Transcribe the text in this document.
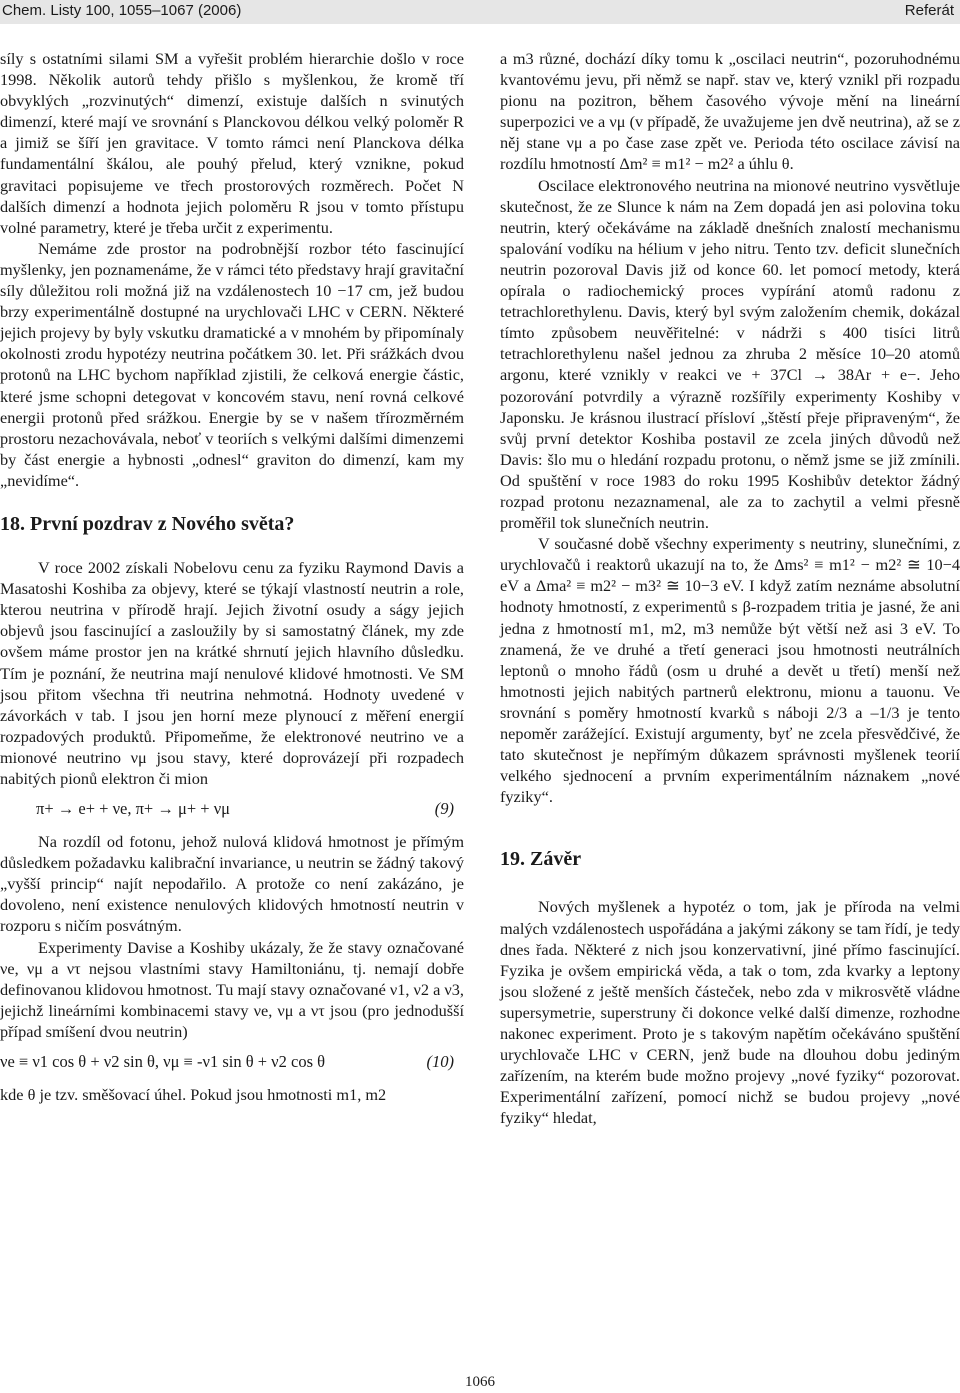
Chem. Listy 100, 1055–1067 (2006)	Referát

síly s ostatními silami SM a vyřešit problém hierarchie došlo v roce 1998. Několik autorů tehdy přišlo s myšlenkou, že kromě tří obvyklých „rozvinutých“ dimenzí, existuje dalších n svinutých dimenzí, které mají ve srovnání s Planckovou délkou velký poloměr R a jimiž se šíří jen gravitace. V tomto rámci není Planckova délka fundamentální škálou, ale pouhý přelud, který vznikne, pokud gravitaci popisujeme ve třech prostorových rozměrech. Počet N dalších dimenzí a hodnota jejich poloměru R jsou v tomto přístupu volné parametry, které je třeba určit z experimentu.

Nemáme zde prostor na podrobnější rozbor této fascinující myšlenky, jen poznamenáme, že v rámci této představy hrají gravitační síly důležitou roli možná již na vzdálenostech 10 −17 cm, jež budou brzy experimentálně dostupné na urychlovači LHC v CERN. Některé jejich projevy by byly vskutku dramatické a v mnohém by připomínaly okolnosti zrodu hypotézy neutrina počátkem 30. let. Při srážkách dvou protonů na LHC bychom například zjistili, že celková energie částic, které jsme schopni detegovat v koncovém stavu, není rovná celkové energii protonů před srážkou. Energie by se v našem třírozměrném prostoru nezachovávala, neboť v teoriích s velkými dalšími dimenzemi by část energie a hybnosti „odnesl“ graviton do dimenzí, kam my „nevidíme“.

18. První pozdrav z Nového světa?

V roce 2002 získali Nobelovu cenu za fyziku Raymond Davis a Masatoshi Koshiba za objevy, které se týkají vlastností neutrin a role, kterou neutrina v přírodě hrají. Jejich životní osudy a ságy jejich objevů jsou fascinující a zasloužily by si samostatný článek, my zde ovšem máme prostor jen na krátké shrnutí jejich hlavního důsledku. Tím je poznání, že neutrina mají nenulové klidové hmotnosti. Ve SM jsou přitom všechna tři neutrina nehmotná. Hodnoty uvedené v závorkách v tab. I jsou jen horní meze plynoucí z měření energií rozpadových produktů. Připomeňme, že elektronové neutrino νe a mionové neutrino νμ jsou stavy, které doprovázejí při rozpadech nabitých pionů elektron či mion

π+ → e+ + νe, π+ → μ+ + νμ	(9)

Na rozdíl od fotonu, jehož nulová klidová hmotnost je přímým důsledkem požadavku kalibrační invariance, u neutrin se žádný takový „vyšší princip“ najít nepodařilo. A protože co není zakázáno, je dovoleno, není existence nenulových klidových hmotností neutrin v rozporu s ničím posvátným.

Experimenty Davise a Koshiby ukázaly, že že stavy označované νe, νμ a ντ nejsou vlastními stavy Hamiltoniánu, tj. nemají dobře definovanou klidovou hmotnost. Tu mají stavy označované ν1, ν2 a ν3, jejichž lineárními kombinacemi stavy νe, νμ a ντ jsou (pro jednodušší případ smíšení dvou neutrin)

νe ≡ ν1 cos θ + ν2 sin θ, νμ ≡ -ν1 sin θ + ν2 cos θ	(10)

kde θ je tzv. směšovací úhel. Pokud jsou hmotnosti m1, m2

a m3 různé, dochází díky tomu k „oscilaci neutrin“, pozoruhodnému kvantovému jevu, při němž se např. stav νe, který vznikl při rozpadu pionu na pozitron, během časového vývoje mění na lineární superpozici νe a νμ (v případě, že uvažujeme jen dvě neutrina), až se z něj stane νμ a po čase zase zpět νe. Perioda této oscilace závisí na rozdílu hmotností Δm² ≡ m1² − m2² a úhlu θ.

Oscilace elektronového neutrina na mionové neutrino vysvětluje skutečnost, že ze Slunce k nám na Zem dopadá jen asi polovina toku neutrin, který očekáváme na základě dnešních znalostí mechanismu spalování vodíku na hélium v jeho nitru. Tento tzv. deficit slunečních neutrin pozoroval Davis již od konce 60. let pomocí metody, která opírala o radiochemický proces vypírání atomů radonu z tetrachlorethylenu. Davis, který byl svým založením chemik, dokázal tímto způsobem neuvěřitelné: v nádrži s 400 tisíci litrů tetrachlorethylenu našel jednou za zhruba 2 měsíce 10–20 atomů argonu, které vznikly v reakci νe + 37Cl → 38Ar + e−. Jeho pozorování potvrdily a výrazně rozšířily experimenty Koshiby v Japonsku. Je krásnou ilustrací přísloví „štěstí přeje připraveným“, že svůj první detektor Koshiba postavil ze zcela jiných důvodů než Davis: šlo mu o hledání rozpadu protonu, o němž jsme se již zmínili. Od spuštění v roce 1983 do roku 1995 Koshibův detektor žádný rozpad protonu nezaznamenal, ale za to zachytil a velmi přesně proměřil tok slunečních neutrin.

V současné době všechny experimenty s neutriny, slunečními, z urychlovačů i reaktorů ukazují na to, že Δms² ≡ m1² − m2² ≅ 10−4 eV a Δma² ≡ m2² − m3² ≅ 10−3 eV. I když zatím neznáme absolutní hodnoty hmotností, z experimentů s β-rozpadem tritia je jasné, že ani jedna z hmotností m1, m2, m3 nemůže být větší než asi 3 eV. To znamená, že ve druhé a třetí generaci jsou hmotnosti neutrálních leptonů o mnoho řádů (osm u druhé a devět u třetí) menší než hmotnosti jejich nabitých partnerů elektronu, mionu a tauonu. Ve srovnání s poměry hmotností kvarků s náboji 2/3 a –1/3 je tento nepoměr zarážející. Existují argumenty, byť ne zcela přesvědčivé, že tato skutečnost je nepřímým důkazem správnosti myšlenek teorií velkého sjednocení a prvním experimentálním náznakem „nové fyziky“.

19. Závěr

Nových myšlenek a hypotéz o tom, jak je příroda na velmi malých vzdálenostech uspořádána a jakými zákony se tam řídí, je tedy dnes řada. Některé z nich jsou konzervativní, jiné přímo fascinující. Fyzika je ovšem empirická věda, a tak o tom, zda kvarky a leptony jsou složené z ještě menších částeček, nebo zda v mikrosvětě vládne supersymetrie, superstruny či dokonce velké další dimenze, rozhodne nakonec experiment. Proto je s takovým napětím očekáváno spuštění urychlovače LHC v CERN, jenž bude na dlouhou dobu jediným zařízením, na kterém bude možno projevy „nové fyziky“ pozorovat. Experimentální zařízení, pomocí nichž se budou projevy „nové fyziky“ hledat,

1066
